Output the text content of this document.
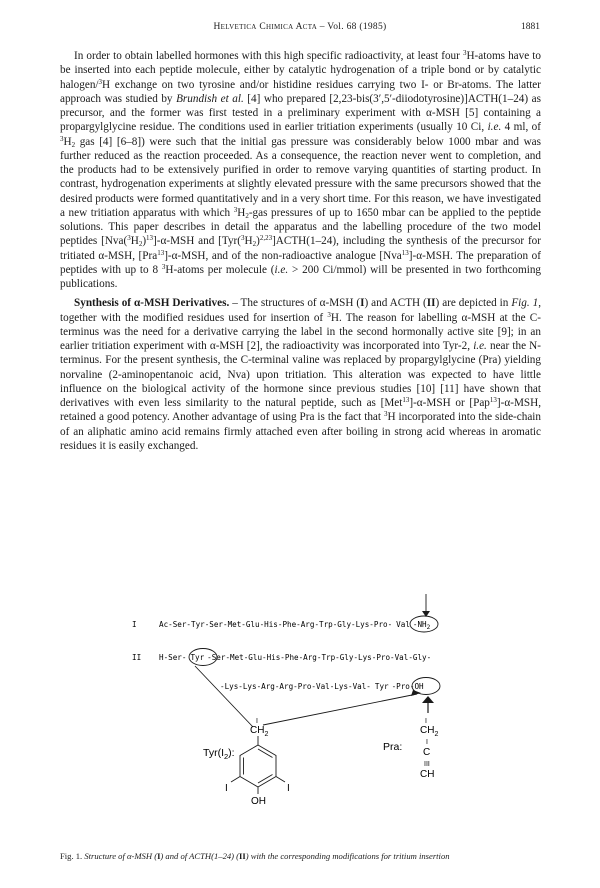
Helvetica Chimica Acta – Vol. 68 (1985)	1881

In order to obtain labelled hormones with this high specific radioactivity, at least four $^3$H-atoms have to be inserted into each peptide molecule, either by catalytic hydrogenation of a triple bond or by catalytic halogen/$^3$H exchange on two tyrosine and/or histidine residues carrying two I- or Br-atoms. The latter approach was studied by Brundish et al. [4] who prepared [2,23-bis(3′,5′-diiodotyrosine)]ACTH(1–24) as precursor, and the former was first tested in a preliminary experiment with α-MSH [5] containing a propargylglycine residue. The conditions used in earlier tritiation experiments (usually 10 Ci, i.e. 4 ml, of $^3H_2$ gas [4] [6–8]) were such that the initial gas pressure was considerably below 1000 mbar and was further reduced as the reaction proceeded. As a consequence, the reaction never went to completion, and the products had to be extensively purified in order to remove varying quantities of starting product. In contrast, hydrogenation experiments at slightly elevated pressure with the same precursors showed that the desired products were formed quantitatively and in a very short time. For this reason, we have investigated a new tritiation apparatus with which $^3H_2$-gas pressures of up to 1650 mbar can be applied to the peptide solutions. This paper describes in detail the apparatus and the labelling procedure of the two model peptides $[Nva(^3H_2)^{13}]-\alpha$-MSH and $[Tyr(^3H_2)^{2,23}]ACTH(1-24)$, including the synthesis of the precursor for tritiated α-MSH, [Pra$^{13}$]-α-MSH, and of the non-radioactive analogue [Nva$^{13}$]-α-MSH. The preparation of peptides with up to 8 $^3$H-atoms per molecule (i.e. > 200 Ci/mmol) will be presented in two forthcoming publications.

Synthesis of α-MSH Derivatives. – The structures of α-MSH (I) and ACTH (II) are depicted in Fig. 1, together with the modified residues used for insertion of $^3$H. The reason for labelling α-MSH at the C-terminus was the need for a derivative carrying the label in the second hormonally active site [9]; in an earlier tritiation experiment with α-MSH [2], the radioactivity was incorporated into Tyr-2, i.e. near the N-terminus. For the present synthesis, the C-terminal valine was replaced by propargylglycine (Pra) yielding norvaline (2-aminopentanoic acid, Nva) upon tritiation. This alteration was expected to have little influence on the biological activity of the hormone since previous studies [10] [11] have shown that derivatives with even less similarity to the natural peptide, such as [Met$^{13}$]-α-MSH or [Pap$^{13}$]-α-MSH, retained a good potency. Another advantage of using Pra is the fact that $^3$H incorporated into the side-chain of an aliphatic amino acid remains firmly attached even after boiling in strong acid whereas in aromatic residues it is easily exchanged.

I	Ac-Ser-Tyr-Ser-Met-Glu-His-Phe-Arg-Trp-Gly-Lys-Pro- Val $-NH_2$
II H-Ser- Tyr -Ser-Met-Glu-His-Phe-Arg-Trp-Gly-Lys-Pro-Val-Gly-
-Lys-Lys-Arg-Arg-Pro-Val-Lys-Val- Tyr -Pro-OH
I
$CH_2$
$Tyr(I_2)$:
I	I
OH
Pra:
I
$CH_2$
I
C
III
CH
Fig. 1. Structure of α-MSH (I) and of ACTH(1–24) (II) with the corresponding modifications for tritium insertion
